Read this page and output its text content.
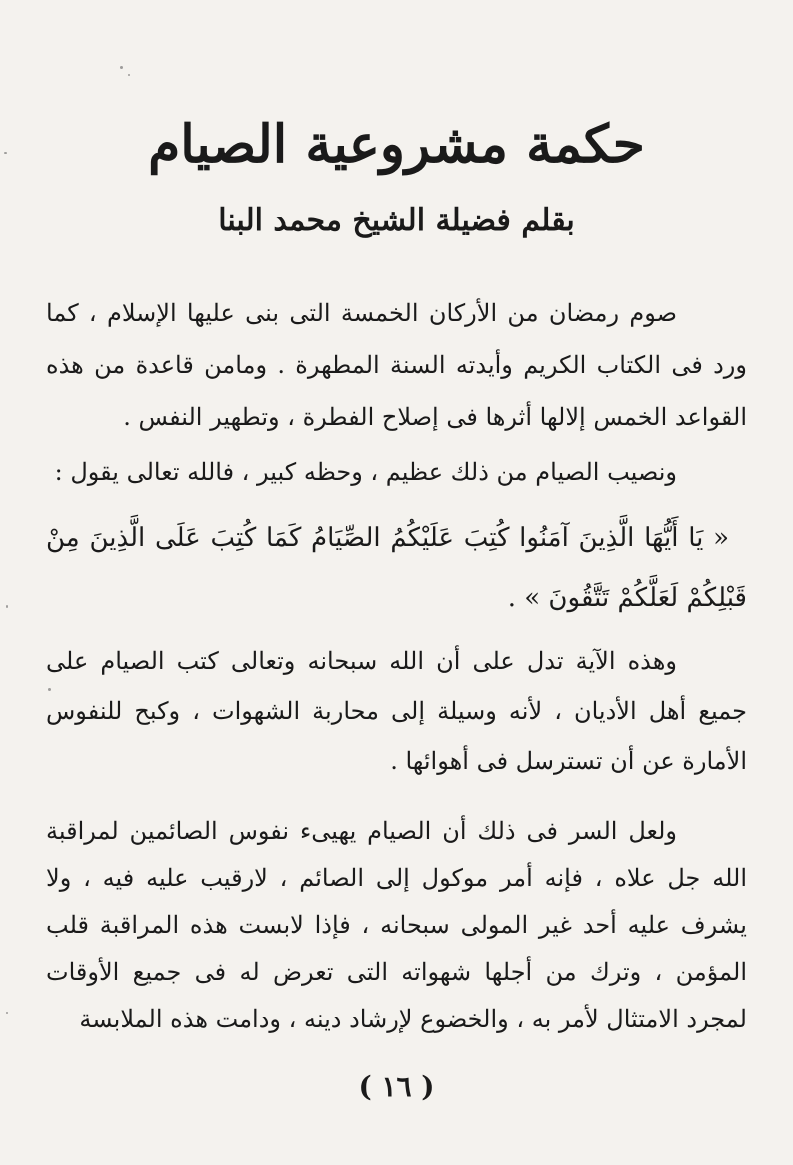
حكمة مشروعية الصيام
بقلم فضيلة الشيخ محمد البنا

صوم رمضان من الأركان الخمسة التى بنى عليها الإسلام ، كما ورد فى الكتاب الكريم وأيدته السنة المطهرة . ومامن قاعدة من هذه القواعد الخمس إلالها أثرها فى إصلاح الفطرة ، وتطهير النفس .

ونصيب الصيام من ذلك عظيم ، وحظه كبير ، فالله تعالى يقول :

« يَا أَيُّهَا الَّذِينَ آمَنُوا كُتِبَ عَلَيْكُمُ الصِّيَامُ كَمَا كُتِبَ عَلَى الَّذِينَ مِنْ قَبْلِكُمْ لَعَلَّكُمْ تَتَّقُونَ » .

وهذه الآية تدل على أن الله سبحانه وتعالى كتب الصيام على جميع أهل الأديان ، لأنه وسيلة إلى محاربة الشهوات ، وكبح للنفوس الأمارة عن أن تسترسل فى أهوائها .

ولعل السر فى ذلك أن الصيام يهيىء نفوس الصائمين لمراقبة الله جل علاه ، فإنه أمر موكول إلى الصائم ، لارقيب عليه فيه ، ولا يشرف عليه أحد غير المولى سبحانه ، فإذا لابست هذه المراقبة قلب المؤمن ، وترك من أجلها شهواته التى تعرض له فى جميع الأوقات لمجرد الامتثال لأمر به ، والخضوع لإرشاد دينه ، ودامت هذه الملابسة

( ١٦ )
